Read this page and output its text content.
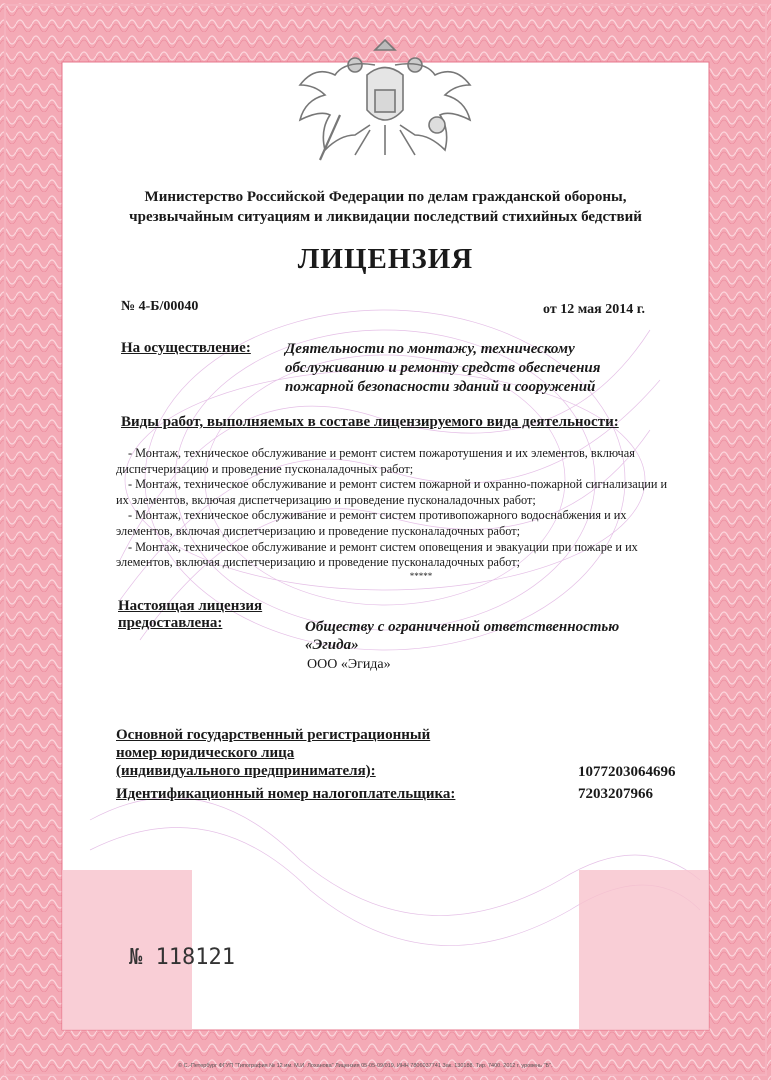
Министерство Российской Федерации по делам гражданской обороны,
чрезвычайным ситуациям и ликвидации последствий стихийных бедствий
ЛИЦЕНЗИЯ
№ 4-Б/00040	от 12 мая 2014 г.
На осуществление: Деятельности по монтажу, техническому
обслуживанию и ремонту средств обеспечения
пожарной безопасности зданий и сооружений
Виды работ, выполняемых в составе лицензируемого вида деятельности:
- Монтаж, техническое обслуживание и ремонт систем пожаротушения и их элементов, включая
диспетчеризацию и проведение пусконаладочных работ;
- Монтаж, техническое обслуживание и ремонт систем пожарной и охранно-пожарной сигнализации и
их элементов, включая диспетчеризацию и проведение пусконаладочных работ;
- Монтаж, техническое обслуживание и ремонт систем противопожарного водоснабжения и их
элементов, включая диспетчеризацию и проведение пусконаладочных работ;
- Монтаж, техническое обслуживание и ремонт систем оповещения и эвакуации при пожаре и их
элементов, включая диспетчеризацию и проведение пусконаладочных работ;
*****
Настоящая лицензия
предоставлена:	Обществу с ограниченной ответственностью
«Эгида»
ООО «Эгида»
Основной государственный регистрационный
номер юридического лица
(индивидуального предпринимателя):	1077203064696
Идентификационный номер налогоплательщика:	7203207966
№ 118121
© С.-Петербург ФГУП "Типография № 12 им. М.И. Лоханова" Лицензия 05-05-09/019, ИНН 7806037741 Зак. 130188. Тир. 7400. 2012 г. уровень "Б".
